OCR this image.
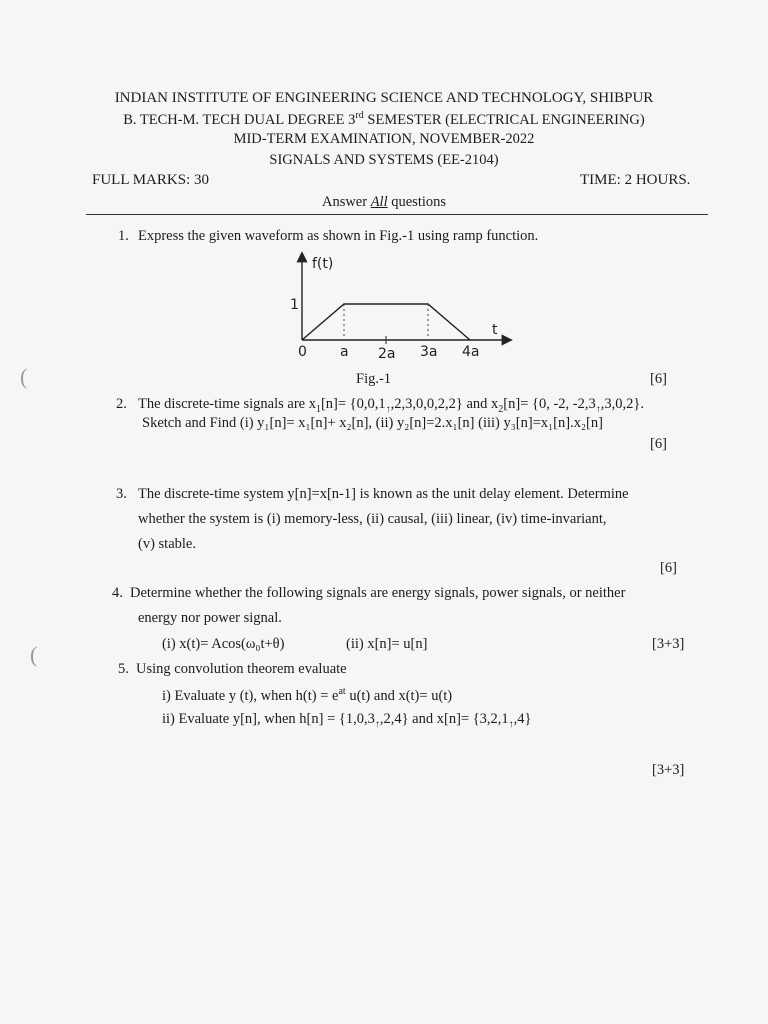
(
(
INDIAN INSTITUTE OF ENGINEERING SCIENCE AND TECHNOLOGY, SHIBPUR
B. TECH-M. TECH DUAL DEGREE 3rd SEMESTER (ELECTRICAL ENGINEERING)
MID-TERM EXAMINATION, NOVEMBER-2022
SIGNALS AND SYSTEMS (EE-2104)
FULL MARKS: 30	TIME: 2 HOURS.
Answer All questions
1. Express the given waveform as shown in Fig.-1 using ramp function.
f(t)
t
1
0 a 2a 3a 4a
Fig.-1	[6]
2. The discrete-time signals are $x_1[n]= \{0,0,1_↑,2,3,0,0,2,2\}$ and $x_2[n]= \{0$, -2, $-2,3_↑,3,0,2$}.
Sketch and Find (i) y₁[n]= x₁[n]+ x₂[n], (ii) y₂[n]=2.x₁[n] (iii) y₃[n]=x₁[n].x₂[n]
[6]
3. The discrete-time system y[n]=x[n-1] is known as the unit delay element. Determine
whether the system is (i) memory-less, (ii) causal, (iii) linear, (iv) time-invariant,
(v) stable.
[6]
4. Determine whether the following signals are energy signals, power signals, or neither
energy nor power signal.
(i) x(t)= Acos(ω₀t+θ)	(ii) x[n]= u[n]	[3+3]
5. Using convolution theorem evaluate
i) Evaluate y (t), when $h(t) = e^{at}$ u(t) and x(t)= u(t)
ii) Evaluate y[n], when $h[n] = \{1,0,3_↑,2,4\}$ and $x[n]= \{3,2,1_↑,4\}$
[3+3]
